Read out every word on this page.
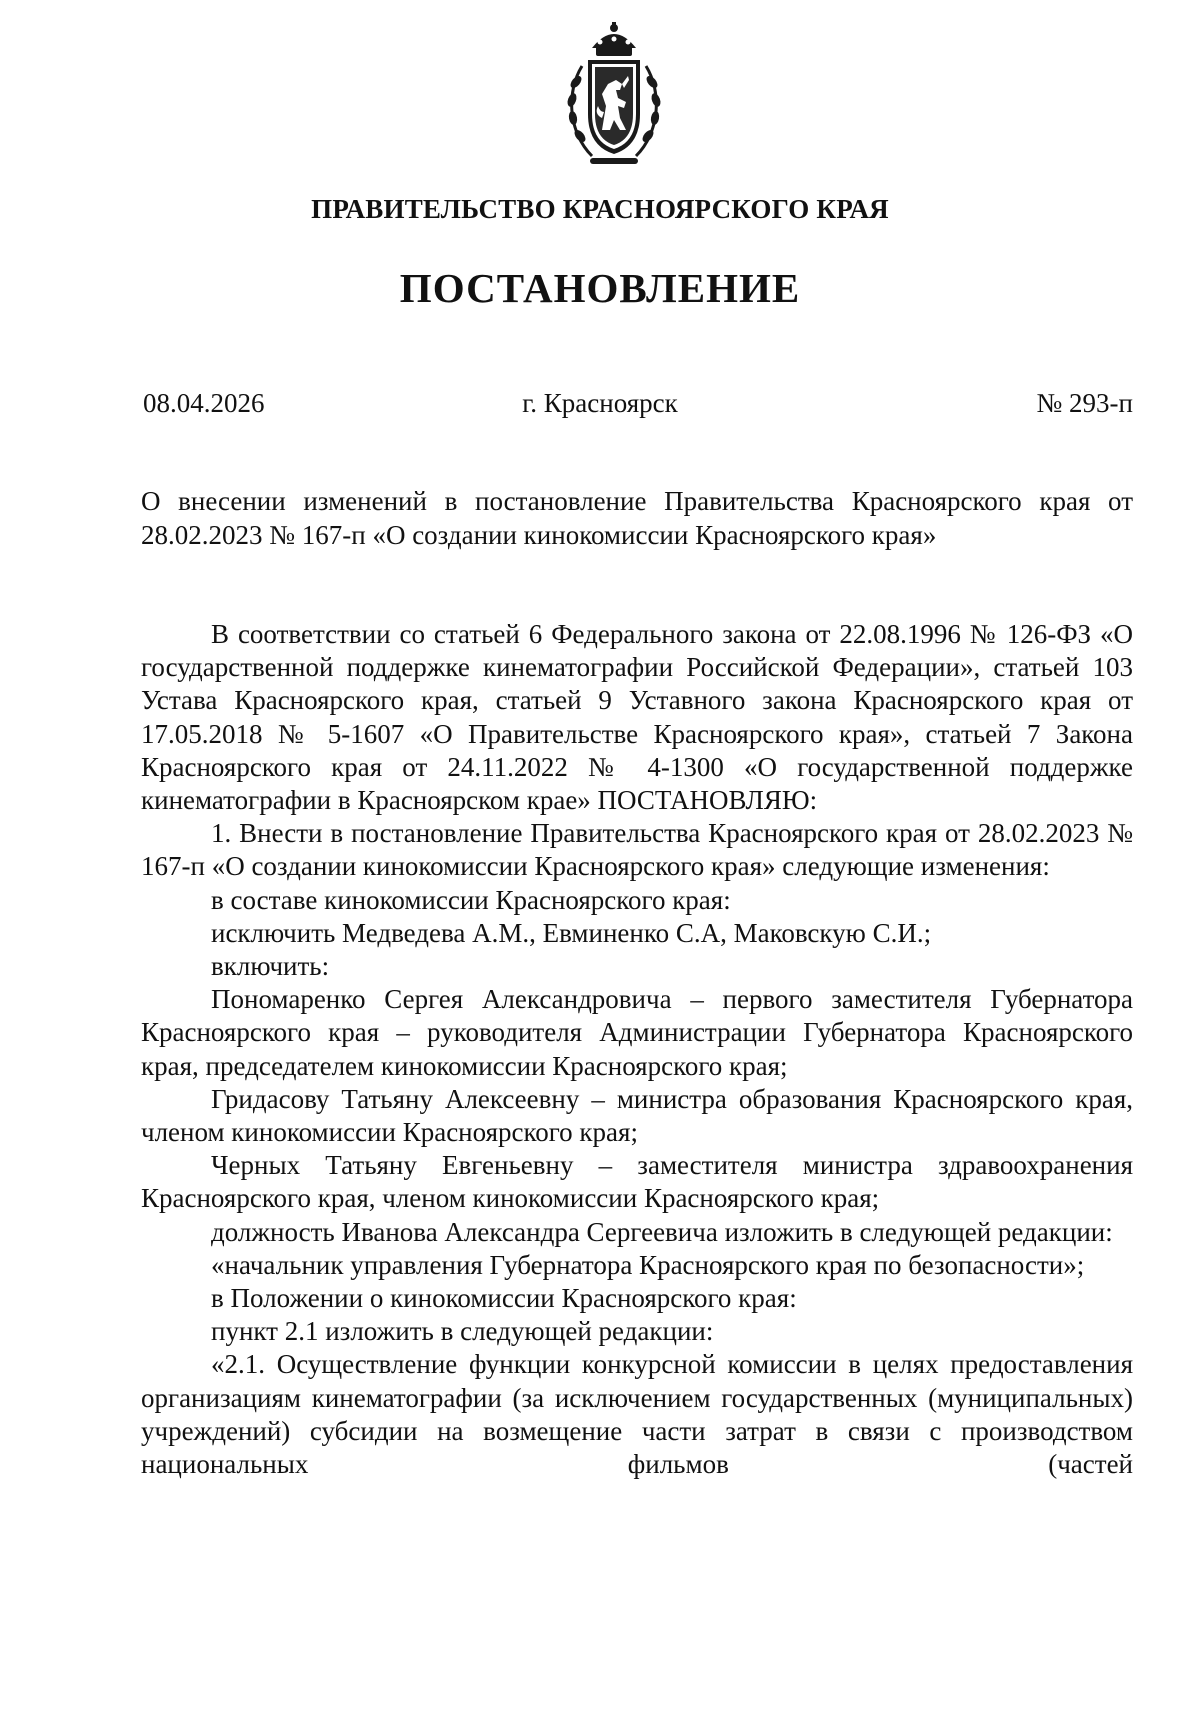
ПРАВИТЕЛЬСТВО КРАСНОЯРСКОГО КРАЯ
ПОСТАНОВЛЕНИЕ
08.04.2026	г. Красноярск	№ 293-п
О внесении изменений в постановление Правительства Красноярского края от 28.02.2023 № 167-п «О создании кинокомиссии Красноярского края»

В соответствии со статьей 6 Федерального закона от 22.08.1996 № 126-ФЗ «О государственной поддержке кинематографии Российской Федерации», статьей 103 Устава Красноярского края, статьей 9 Уставного закона Красноярского края от 17.05.2018 № 5-1607 «О Правительстве Красноярского края», статьей 7 Закона Красноярского края от 24.11.2022 № 4-1300 «О государственной поддержке кинематографии в Красноярском крае» ПОСТАНОВЛЯЮ:

1. Внести в постановление Правительства Красноярского края от 28.02.2023 № 167-п «О создании кинокомиссии Красноярского края» следующие изменения:

в составе кинокомиссии Красноярского края:

исключить Медведева А.М., Евминенко С.А, Маковскую С.И.;

включить:

Пономаренко Сергея Александровича – первого заместителя Губернатора Красноярского края – руководителя Администрации Губернатора Красноярского края, председателем кинокомиссии Красноярского края;

Гридасову Татьяну Алексеевну – министра образования Красноярского края, членом кинокомиссии Красноярского края;

Черных Татьяну Евгеньевну – заместителя министра здравоохранения Красноярского края, членом кинокомиссии Красноярского края;

должность Иванова Александра Сергеевича изложить в следующей редакции:

«начальник управления Губернатора Красноярского края по безопасности»;

в Положении о кинокомиссии Красноярского края:

пункт 2.1 изложить в следующей редакции:

«2.1. Осуществление функции конкурсной комиссии в целях предоставления организациям кинематографии (за исключением государственных (муниципальных) учреждений) субсидии на возмещение части затрат в связи с производством национальных фильмов (частей
